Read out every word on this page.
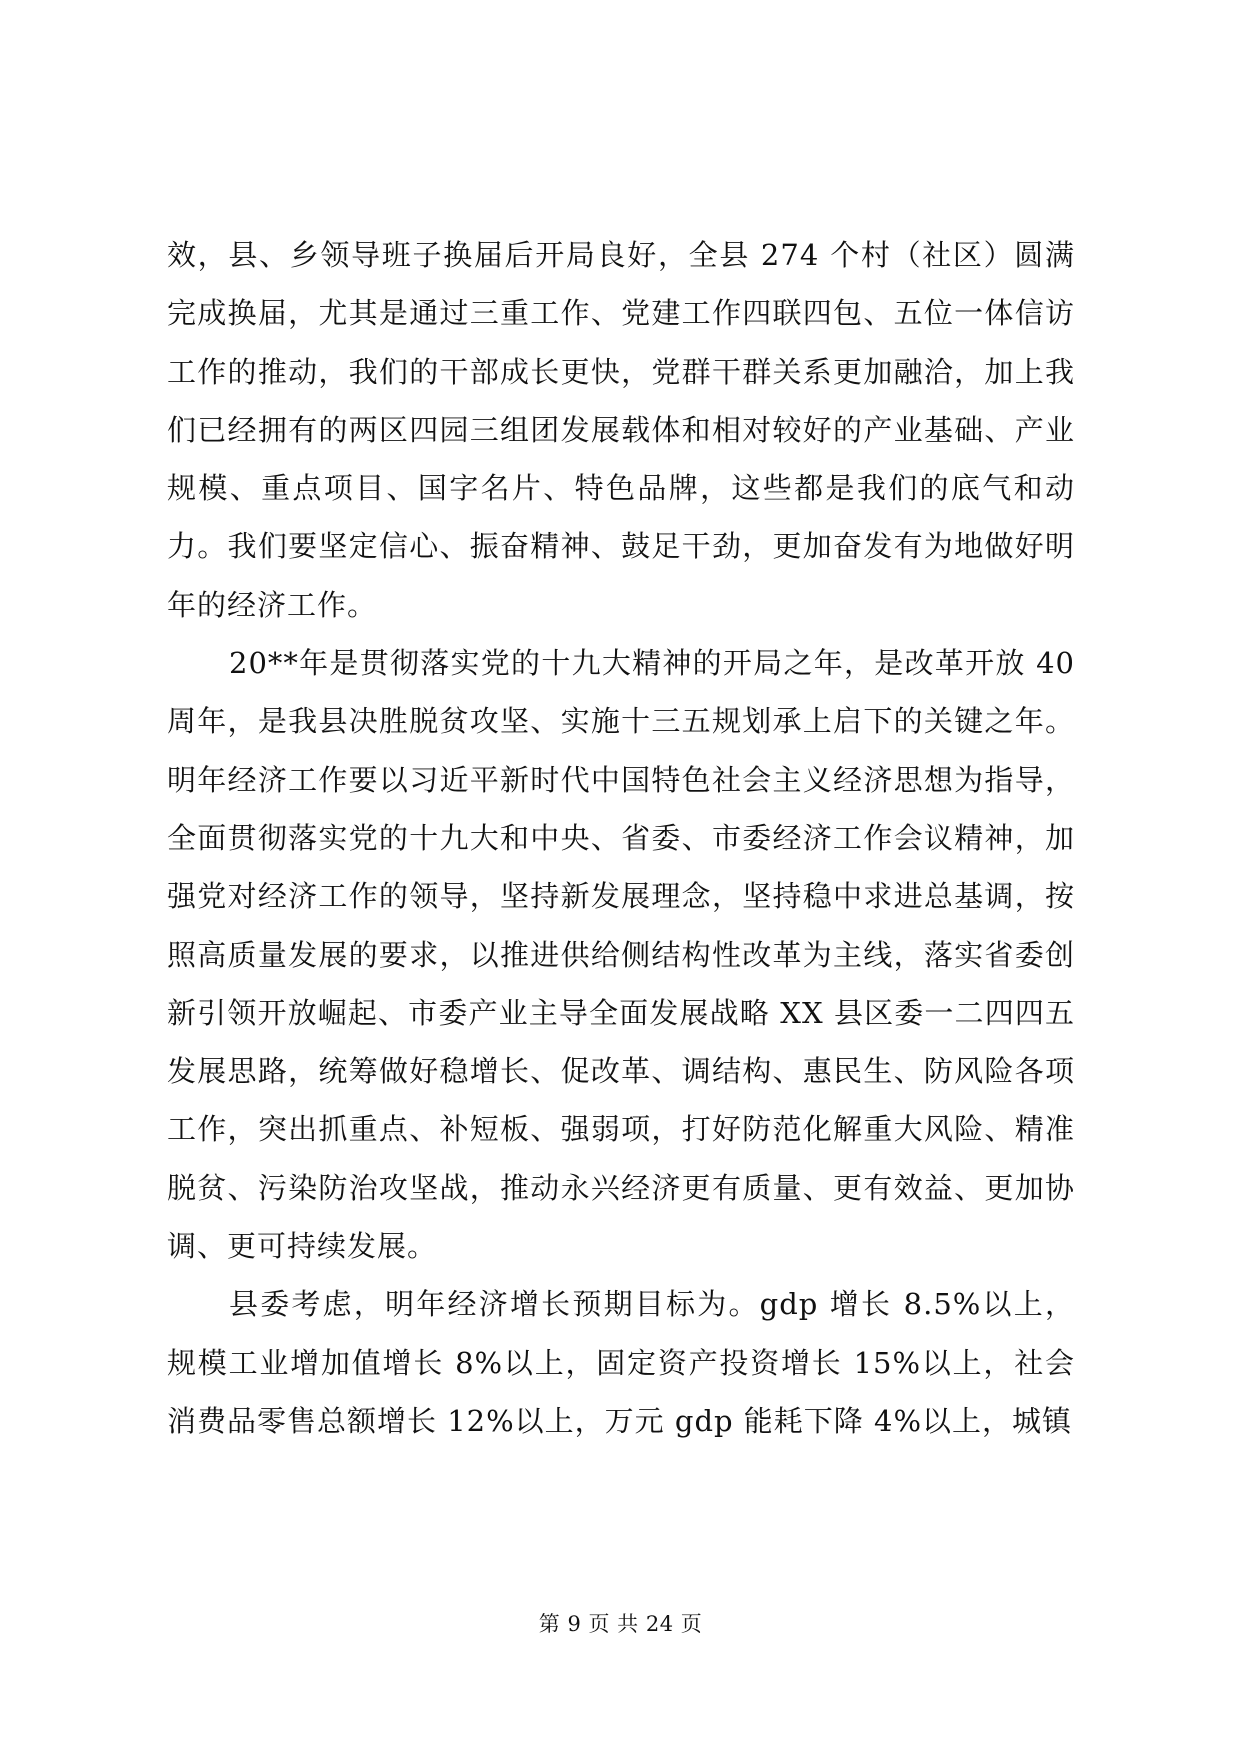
效，县、乡领导班子换届后开局良好，全县 274 个村（社区）圆满完成换届，尤其是通过三重工作、党建工作四联四包、五位一体信访工作的推动，我们的干部成长更快，党群干群关系更加融洽，加上我们已经拥有的两区四园三组团发展载体和相对较好的产业基础、产业规模、重点项目、国字名片、特色品牌，这些都是我们的底气和动力。我们要坚定信心、振奋精神、鼓足干劲，更加奋发有为地做好明年的经济工作。

20**年是贯彻落实党的十九大精神的开局之年，是改革开放 40 周年，是我县决胜脱贫攻坚、实施十三五规划承上启下的关键之年。明年经济工作要以习近平新时代中国特色社会主义经济思想为指导，全面贯彻落实党的十九大和中央、省委、市委经济工作会议精神，加强党对经济工作的领导，坚持新发展理念，坚持稳中求进总基调，按照高质量发展的要求，以推进供给侧结构性改革为主线，落实省委创新引领开放崛起、市委产业主导全面发展战略 XX 县区委一二四四五发展思路，统筹做好稳增长、促改革、调结构、惠民生、防风险各项工作，突出抓重点、补短板、强弱项，打好防范化解重大风险、精准脱贫、污染防治攻坚战，推动永兴经济更有质量、更有效益、更加协调、更可持续发展。

县委考虑，明年经济增长预期目标为。gdp 增长 8.5%以上，规模工业增加值增长 8%以上，固定资产投资增长 15%以上，社会消费品零售总额增长 12%以上，万元 gdp 能耗下降 4%以上，城镇

第 9 页 共 24 页
